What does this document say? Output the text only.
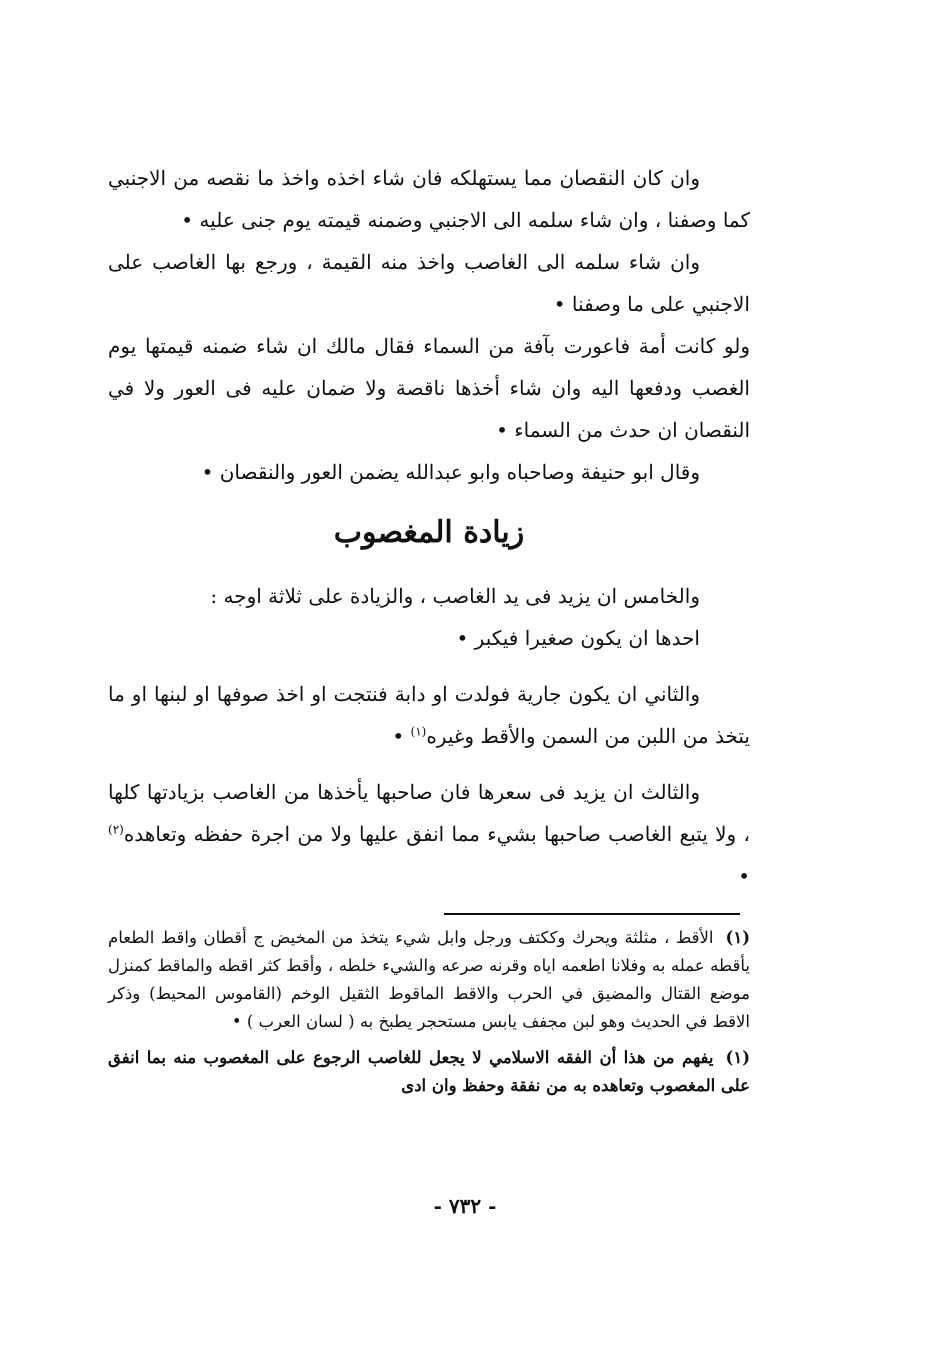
وان كان النقصان مما يستهلكه فان شاء اخذه واخذ ما نقصه من الاجنبي كما وصفنا ، وان شاء سلمه الى الاجنبي وضمنه قيمته يوم جنى عليه •

وان شاء سلمه الى الغاصب واخذ منه القيمة ، ورجع بها الغاصب على الاجنبي على ما وصفنا •

ولو كانت أمة فاعورت بآفة من السماء فقال مالك ان شاء ضمنه قيمتها يوم الغصب ودفعها اليه وان شاء أخذها ناقصة ولا ضمان عليه فى العور ولا في النقصان ان حدث من السماء •

وقال ابو حنيفة وصاحباه وابو عبدالله يضمن العور والنقصان •

زيادة المغصوب

والخامس ان يزيد فى يد الغاصب ، والزيادة على ثلاثة اوجه :

احدها ان يكون صغيرا فيكبر •

والثاني ان يكون جارية فولدت او دابة فنتجت او اخذ صوفها او لبنها او ما يتخذ من اللبن من السمن والأقط وغيره$^{(١)}$ •

والثالث ان يزيد فى سعرها فان صاحبها يأخذها من الغاصب بزيادتها كلها ، ولا يتبع الغاصب صاحبها بشيء مما انفق عليها ولا من اجرة حفظه وتعاهده$^{(٢)}$ •

(١)الأقط ، مثلثة ويحرك وككتف ورجل وابل شيء يتخذ من المخيض ج أقطان واقط الطعام يأقطه عمله به وفلانا اطعمه اياه وقرنه صرعه والشيء خلطه ، وأقط كثر اقطه والماقط كمنزل موضع القتال والمضيق في الحرب والاقط الماقوط الثقيل الوخم (القاموس المحيط) وذكر الاقط في الحديث وهو لبن مجفف يابس مستحجر يطبخ به ( لسان العرب ) •

(١)يفهم من هذا أن الفقه الاسلامي لا يجعل للغاصب الرجوع على المغصوب منه بما انفق على المغصوب وتعاهده به من نفقة وحفظ وان ادى

- ٧٣٢ -
